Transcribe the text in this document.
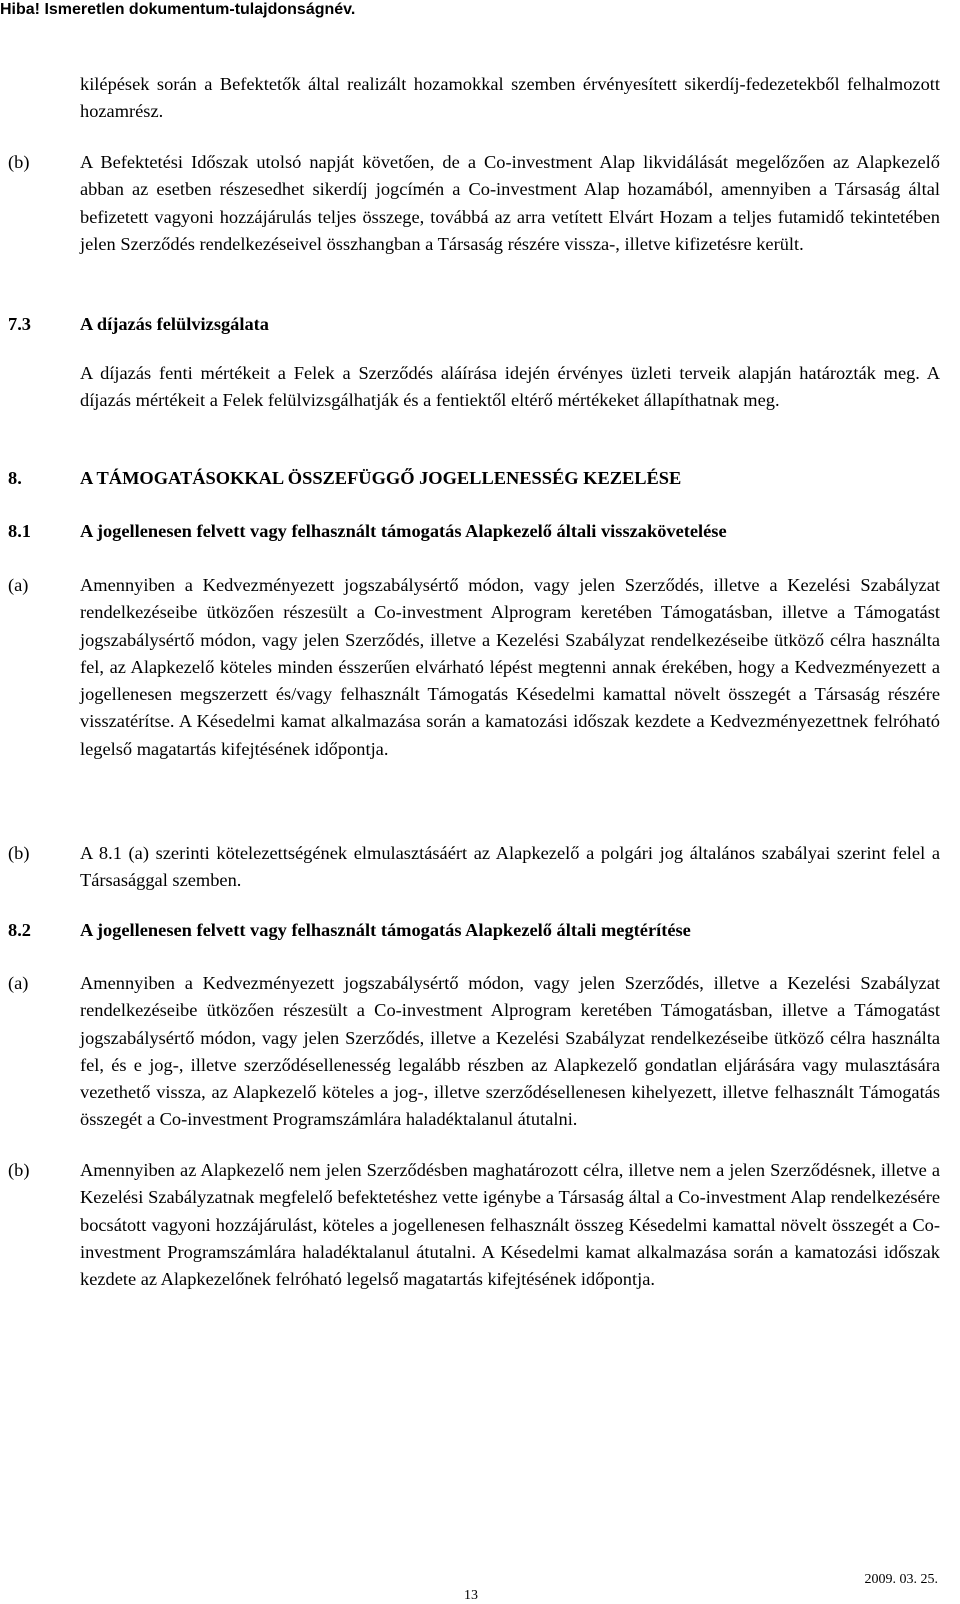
Hiba! Ismeretlen dokumentum-tulajdonságnév.

kilépések során a Befektetők által realizált hozamokkal szemben érvényesített sikerdíj-fedezetekből felhalmozott hozamrész.

(b)	A Befektetési Időszak utolsó napját követően, de a Co-investment Alap likvidálását megelőzően az Alapkezelő abban az esetben részesedhet sikerdíj jogcímén a Co-investment Alap hozamából, amennyiben a Társaság által befizetett vagyoni hozzájárulás teljes összege, továbbá az arra vetített Elvárt Hozam a teljes futamidő tekintetében jelen Szerződés rendelkezéseivel összhangban a Társaság részére vissza-, illetve kifizetésre került.

7.3	A díjazás felülvizsgálata

A díjazás fenti mértékeit a Felek a Szerződés aláírása idején érvényes üzleti terveik alapján határozták meg. A díjazás mértékeit a Felek felülvizsgálhatják és a fentiektől eltérő mértékeket állapíthatnak meg.

8.	A TÁMOGATÁSOKKAL ÖSSZEFÜGGŐ JOGELLENESSÉG KEZELÉSE

8.1	A jogellenesen felvett vagy felhasznált támogatás Alapkezelő általi visszakövetelése

(a)	Amennyiben a Kedvezményezett jogszabálysértő módon, vagy jelen Szerződés, illetve a Kezelési Szabályzat rendelkezéseibe ütközően részesült a Co-investment Alprogram keretében Támogatásban, illetve a Támogatást jogszabálysértő módon, vagy jelen Szerződés, illetve a Kezelési Szabályzat rendelkezéseibe ütköző célra használta fel, az Alapkezelő köteles minden ésszerűen elvárható lépést megtenni annak érekében, hogy a Kedvezményezett a jogellenesen megszerzett és/vagy felhasznált Támogatás Késedelmi kamattal növelt összegét a Társaság részére visszatérítse. A Késedelmi kamat alkalmazása során a kamatozási időszak kezdete a Kedvezményezettnek felróható legelső magatartás kifejtésének időpontja.

(b)	A 8.1 (a) szerinti kötelezettségének elmulasztásáért az Alapkezelő a polgári jog általános szabályai szerint felel a Társasággal szemben.

8.2	A jogellenesen felvett vagy felhasznált támogatás Alapkezelő általi megtérítése

(a)	Amennyiben a Kedvezményezett jogszabálysértő módon, vagy jelen Szerződés, illetve a Kezelési Szabályzat rendelkezéseibe ütközően részesült a Co-investment Alprogram keretében Támogatásban, illetve a Támogatást jogszabálysértő módon, vagy jelen Szerződés, illetve a Kezelési Szabályzat rendelkezéseibe ütköző célra használta fel, és e jog-, illetve szerződésellenesség legalább részben az Alapkezelő gondatlan eljárására vagy mulasztására vezethető vissza, az Alapkezelő köteles a jog-, illetve szerződésellenesen kihelyezett, illetve felhasznált Támogatás összegét a Co-investment Programszámlára haladéktalanul átutalni.

(b)	Amennyiben az Alapkezelő nem jelen Szerződésben maghatározott célra, illetve nem a jelen Szerződésnek, illetve a Kezelési Szabályzatnak megfelelő befektetéshez vette igénybe a Társaság által a Co-investment Alap rendelkezésére bocsátott vagyoni hozzájárulást, köteles a jogellenesen felhasznált összeg Késedelmi kamattal növelt összegét a Co-investment Programszámlára haladéktalanul átutalni. A Késedelmi kamat alkalmazása során a kamatozási időszak kezdete az Alapkezelőnek felróható legelső magatartás kifejtésének időpontja.

2009. 03. 25.

13
